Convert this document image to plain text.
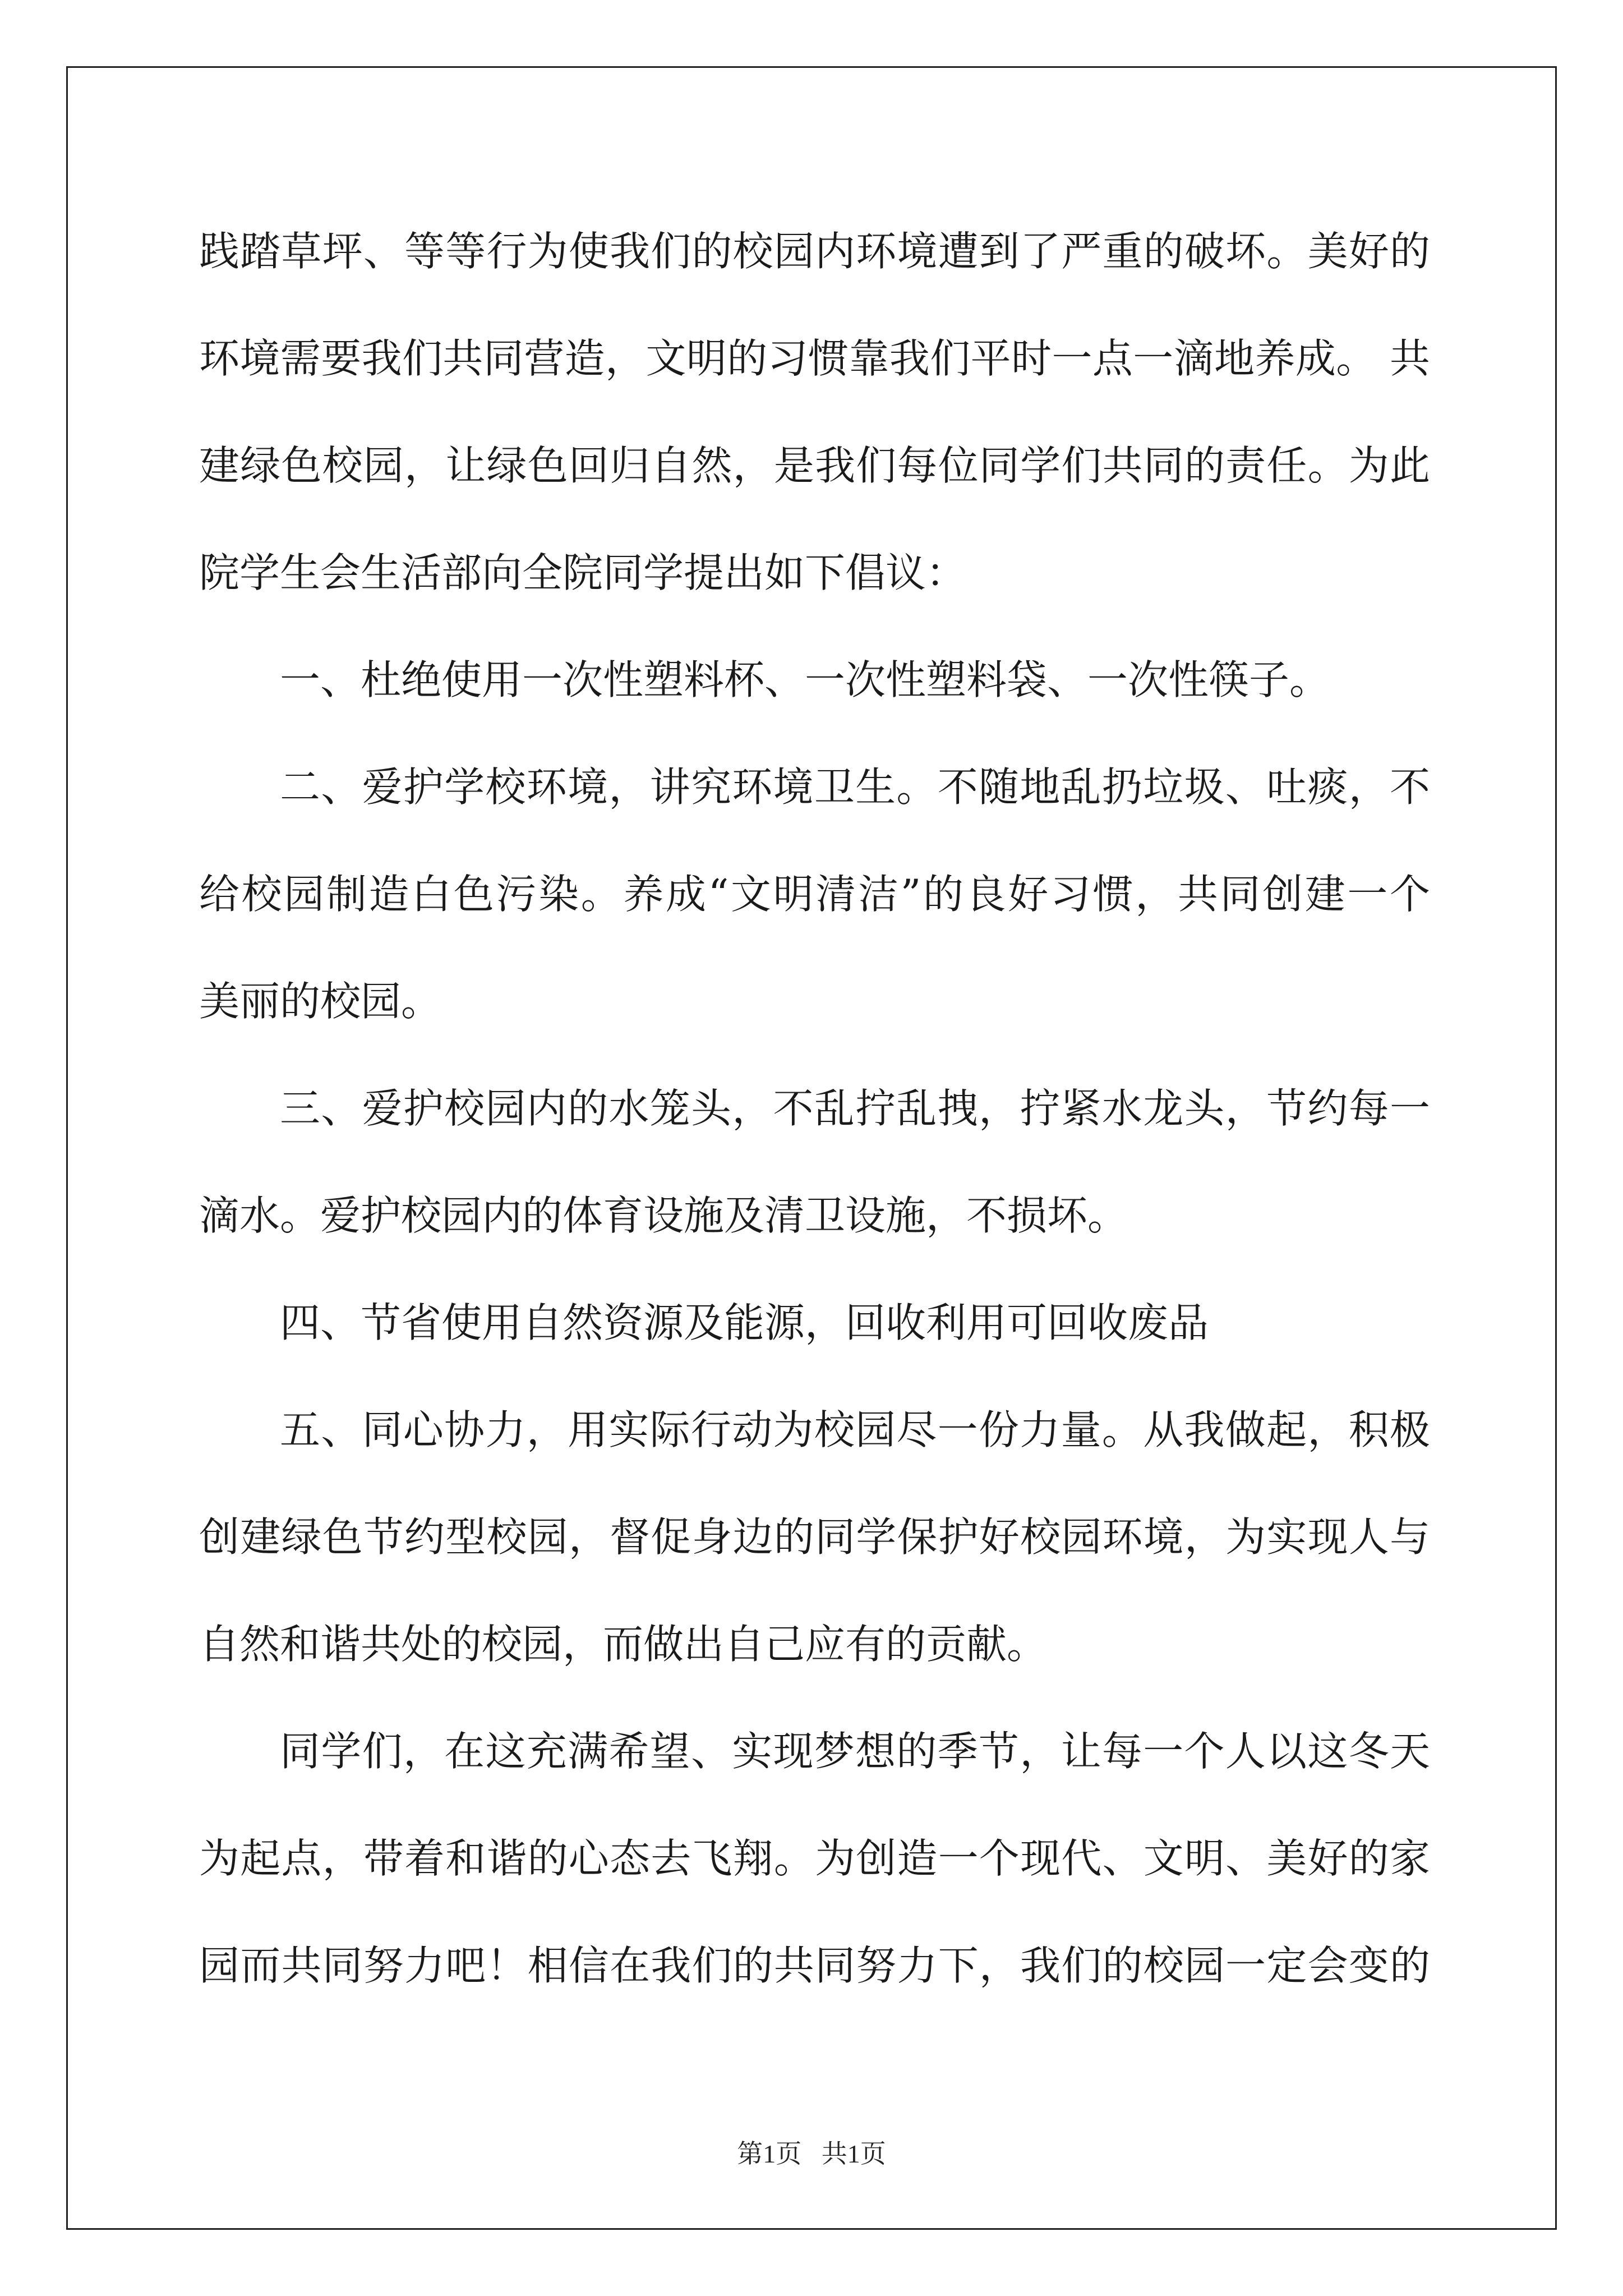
践踏草坪、等等行为使我们的校园内环境遭到了严重的破坏。美好的
环境需要我们共同营造，文明的习惯靠我们平时一点一滴地养成。 共
建绿色校园，让绿色回归自然，是我们每位同学们共同的责任。为此
院学生会生活部向全院同学提出如下倡议：
一、杜绝使用一次性塑料杯、一次性塑料袋、一次性筷子。
二、爱护学校环境，讲究环境卫生。不随地乱扔垃圾、吐痰，不
给校园制造白色污染。养成“文明清洁”的良好习惯，共同创建一个
美丽的校园。
三、爱护校园内的水笼头，不乱拧乱拽，拧紧水龙头，节约每一
滴水。爱护校园内的体育设施及清卫设施，不损坏。
四、节省使用自然资源及能源，回收利用可回收废品
五、同心协力，用实际行动为校园尽一份力量。从我做起，积极
创建绿色节约型校园，督促身边的同学保护好校园环境，为实现人与
自然和谐共处的校园，而做出自己应有的贡献。
同学们，在这充满希望、实现梦想的季节，让每一个人以这冬天
为起点，带着和谐的心态去飞翔。为创造一个现代、文明、美好的家
园而共同努力吧！相信在我们的共同努力下，我们的校园一定会变的
第1页 共1页
